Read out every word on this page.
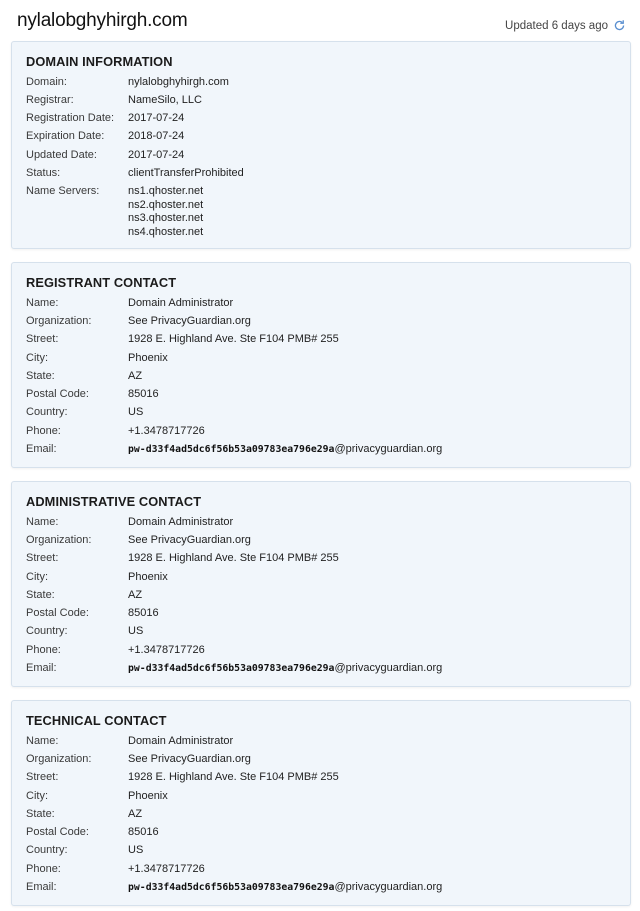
nylalobghyhirgh.com	Updated 6 days ago
DOMAIN INFORMATION
Domain:	nylalobghyhirgh.com
Registrar:	NameSilo, LLC
Registration Date: 2017-07-24
Expiration Date: 2018-07-24
Updated Date:	2017-07-24
Status:	clientTransferProhibited
Name Servers:	ns1.qhoster.net
ns2.qhoster.net
ns3.qhoster.net
ns4.qhoster.net
REGISTRANT CONTACT
Name:	Domain Administrator
Organization:	See PrivacyGuardian.org
Street:	1928 E. Highland Ave. Ste F104 PMB# 255
City:	Phoenix
State:	AZ
Postal Code:	85016
Country:	US
Phone:	+1.3478717726
Email:	pw-d33f4ad5dc6f56b53a09783ea796e29a@privacyguardian.org
ADMINISTRATIVE CONTACT
Name:	Domain Administrator
Organization:	See PrivacyGuardian.org
Street:	1928 E. Highland Ave. Ste F104 PMB# 255
City:	Phoenix
State:	AZ
Postal Code:	85016
Country:	US
Phone:	+1.3478717726
Email:	pw-d33f4ad5dc6f56b53a09783ea796e29a@privacyguardian.org
TECHNICAL CONTACT
Name:	Domain Administrator
Organization:	See PrivacyGuardian.org
Street:	1928 E. Highland Ave. Ste F104 PMB# 255
City:	Phoenix
State:	AZ
Postal Code:	85016
Country:	US
Phone:	+1.3478717726
Email:	pw-d33f4ad5dc6f56b53a09783ea796e29a@privacyguardian.org
